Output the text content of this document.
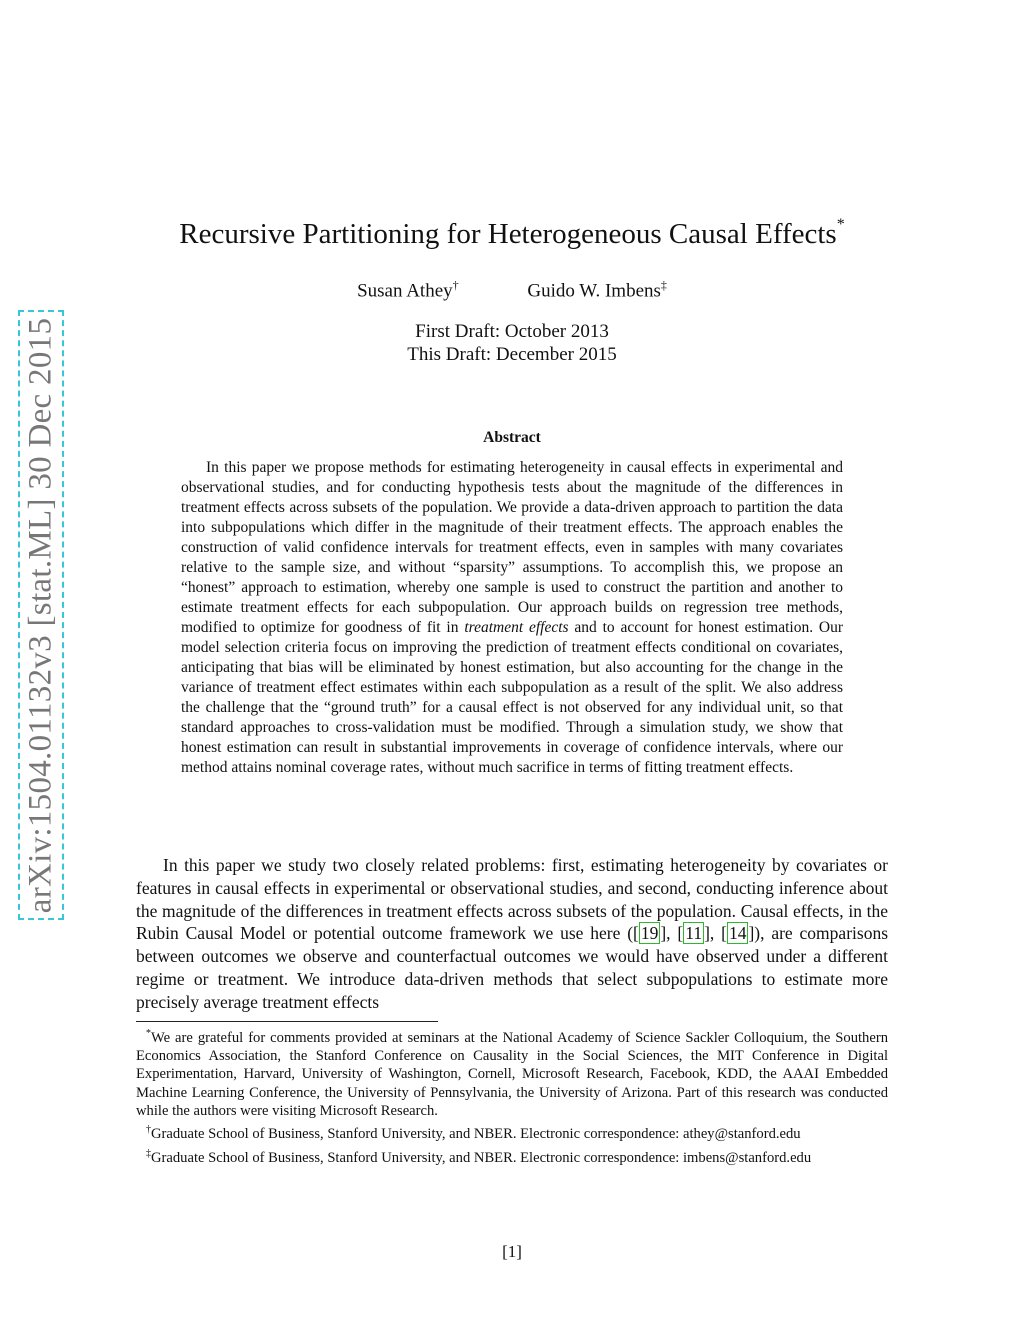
arXiv:1504.01132v3 [stat.ML] 30 Dec 2015
Recursive Partitioning for Heterogeneous Causal Effects*
Susan Athey†	Guido W. Imbens‡
First Draft: October 2013
This Draft: December 2015
Abstract

In this paper we propose methods for estimating heterogeneity in causal effects in experimental and observational studies, and for conducting hypothesis tests about the magnitude of the differences in treatment effects across subsets of the population. We provide a data-driven approach to partition the data into subpopulations which differ in the magnitude of their treatment effects. The approach enables the construction of valid confidence intervals for treatment effects, even in samples with many covariates relative to the sample size, and without “sparsity” assumptions. To accomplish this, we propose an “honest” approach to estimation, whereby one sample is used to construct the partition and another to estimate treatment effects for each subpopulation. Our approach builds on regression tree methods, modified to optimize for goodness of fit in treatment effects and to account for honest estimation. Our model selection criteria focus on improving the prediction of treatment effects conditional on covariates, anticipating that bias will be eliminated by honest estimation, but also accounting for the change in the variance of treatment effect estimates within each subpopulation as a result of the split. We also address the challenge that the “ground truth” for a causal effect is not observed for any individual unit, so that standard approaches to cross-validation must be modified. Through a simulation study, we show that honest estimation can result in substantial improvements in coverage of confidence intervals, where our method attains nominal coverage rates, without much sacrifice in terms of fitting treatment effects.

In this paper we study two closely related problems: first, estimating heterogeneity by covariates or features in causal effects in experimental or observational studies, and second, conducting inference about the magnitude of the differences in treatment effects across subsets of the population. Causal effects, in the Rubin Causal Model or potential outcome framework we use here ([ 19 ], [ 11 ], [ 14 ]), are comparisons between outcomes we observe and counterfactual outcomes we would have observed under a different regime or treatment. We introduce data-driven methods that select subpopulations to estimate more precisely average treatment effects

*We are grateful for comments provided at seminars at the National Academy of Science Sackler Colloquium, the Southern Economics Association, the Stanford Conference on Causality in the Social Sciences, the MIT Conference in Digital Experimentation, Harvard, University of Washington, Cornell, Microsoft Research, Facebook, KDD, the AAAI Embedded Machine Learning Conference, the University of Pennsylvania, the University of Arizona. Part of this research was conducted while the authors were visiting Microsoft Research.

†Graduate School of Business, Stanford University, and NBER. Electronic correspondence: athey@stanford.edu

‡Graduate School of Business, Stanford University, and NBER. Electronic correspondence: imbens@stanford.edu

[1]
